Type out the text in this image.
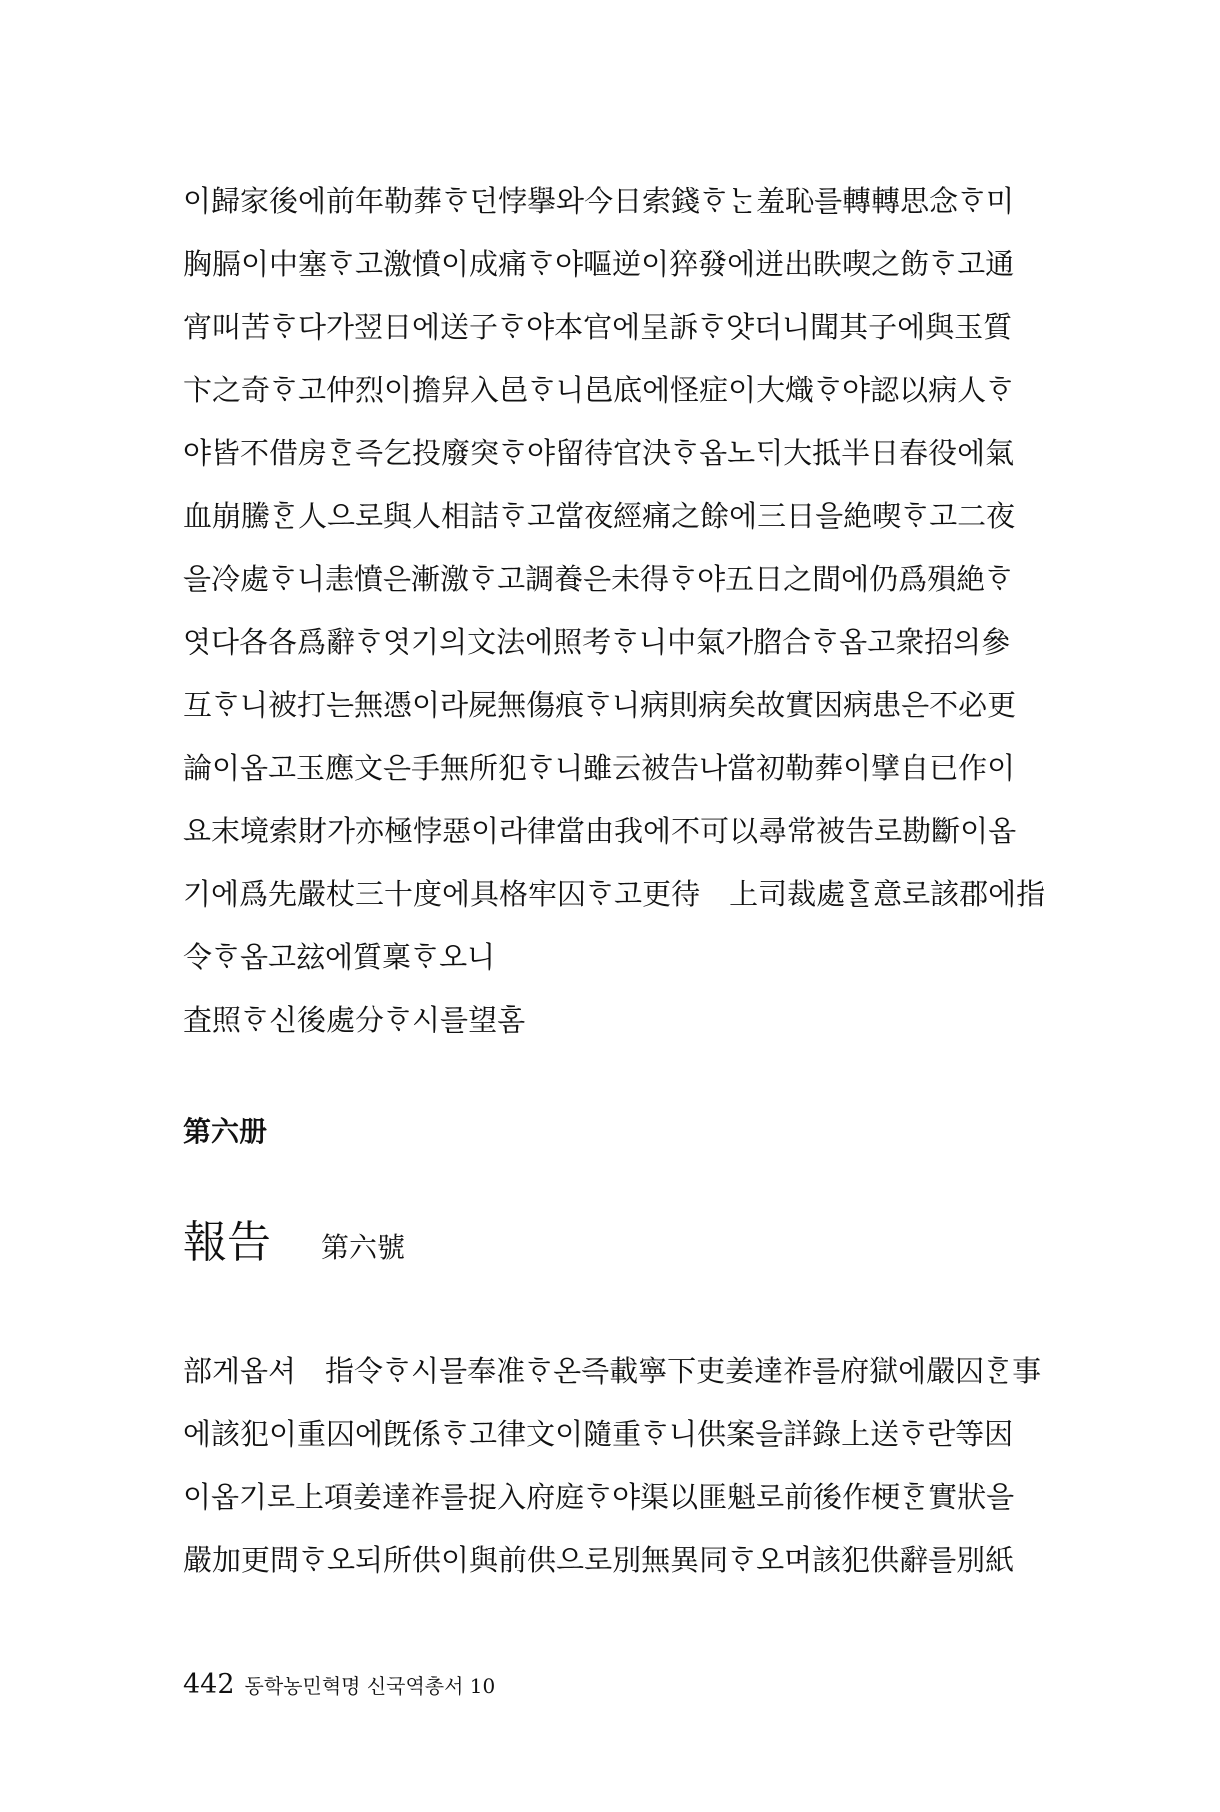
이歸家後에前年勒葬ᄒᆞ던悖擧와今日索錢ᄒᆞᄂᆞᆫ羞恥를轉轉思念ᄒᆞ미
胸膈이中塞ᄒᆞ고激憤이成痛ᄒᆞ야嘔逆이猝發에迸出眣喫之飭ᄒᆞ고通
宵叫苦ᄒᆞ다가翌日에送子ᄒᆞ야本官에呈訴ᄒᆞ얏더니聞其子에與玉質
卞之奇ᄒᆞ고仲烈이擔舁入邑ᄒᆞ니邑底에怪症이大熾ᄒᆞ야認以病人ᄒᆞ
야皆不借房ᄒᆞᆫ즉乞投廢突ᄒᆞ야留待官決ᄒᆞ옵노ᄃᆡ大抵半日春役에氣
血崩騰ᄒᆞᆫ人으로與人相詰ᄒᆞ고當夜經痛之餘에三日을絶喫ᄒᆞ고二夜
을冷處ᄒᆞ니恚憤은漸激ᄒᆞ고調養은未得ᄒᆞ야五日之間에仍爲殞絶ᄒᆞ
엿다各各爲辭ᄒᆞ엿기의文法에照考ᄒᆞ니中氣가脗合ᄒᆞ옵고衆招의參
互ᄒᆞ니被打는無憑이라屍無傷痕ᄒᆞ니病則病矣故實因病患은不必更
論이옵고玉應文은手無所犯ᄒᆞ니雖云被告나當初勒葬이擘自已作이
요末境索財가亦極悖惡이라律當由我에不可以尋常被告로勘斷이옵
기에爲先嚴杖三十度에具格牢囚ᄒᆞ고更待　上司裁處ᄒᆞᆯ意로該郡에指
令ᄒᆞ옵고玆에質稟ᄒᆞ오니
査照ᄒᆞ신後處分ᄒᆞ시를望홈
第六册
報告 第六號
部게옵셔　指令ᄒᆞ시믈奉准ᄒᆞ온즉載寧下吏姜達祚를府獄에嚴囚ᄒᆞᆫ事
에該犯이重囚에旣係ᄒᆞ고律文이隨重ᄒᆞ니供案을詳錄上送ᄒᆞ란等因
이옵기로上項姜達祚를捉入府庭ᄒᆞ야渠以匪魁로前後作梗ᄒᆞᆫ實狀을
嚴加更問ᄒᆞ오되所供이與前供으로別無異同ᄒᆞ오며該犯供辭를別紙
442 동학농민혁명 신국역총서 10
